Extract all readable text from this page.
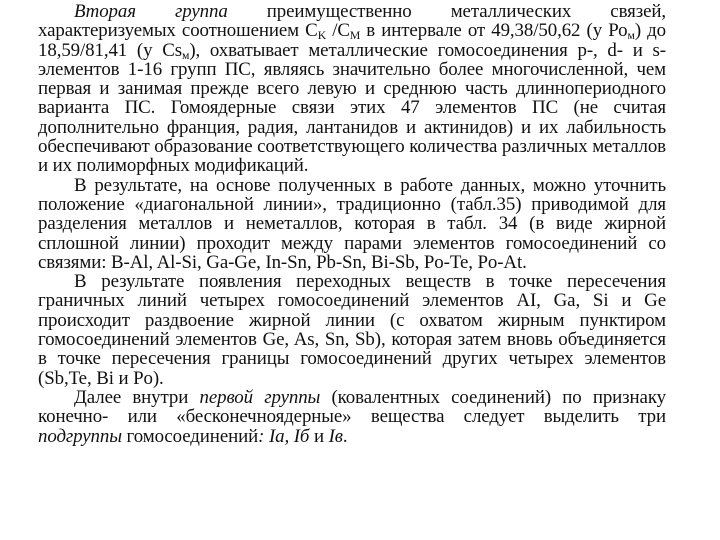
Вторая группа преимущественно металлических связей, характеризуемых соотношением $С_K$ $/С_M$ в интервале от 49,38/50,62 (у $Ро_м$) до 18,59/81,41 (у $Cs_м$), охватывает металлические гомосоединения р-, d- и s-элементов 1-16 групп ПС, являясь значительно более многочисленной, чем первая и занимая прежде всего левую и среднюю часть длиннопериодного варианта ПС. Гомоядерные связи этих 47 элементов ПС (не считая дополнительно франция, радия, лантанидов и актинидов) и их лабильность обеспечивают образование соответствующего количества различных металлов и их полиморфных модификаций.

В результате, на основе полученных в работе данных, можно уточнить положение «диагональной линии», традиционно (табл.35) приводимой для разделения металлов и неметаллов, которая в табл. 34 (в виде жирной сплошной линии) проходит между парами элементов гомосоединений со связями: B-Al, Al-Si, Ga-Ge, In-Sn, Pb-Sn, Bi-Sb, Po-Te, Po-At.

В результате появления переходных веществ в точке пересечения граничных линий четырех гомосоединений элементов AI, Ga, Si и Ge происходит раздвоение жирной линии (с охватом жирным пунктиром гомосоединений элементов Ge, As, Sn, Sb), которая затем вновь объединяется в точке пересечения границы гомосоединений других четырех элементов (Sb,Te, Bi и Po).

Далее внутри первой группы (ковалентных соединений) по признаку конечно- или «бесконечноядерные» вещества следует выделить три подгруппы гомосоединений: Ia, Iб и Iв.
